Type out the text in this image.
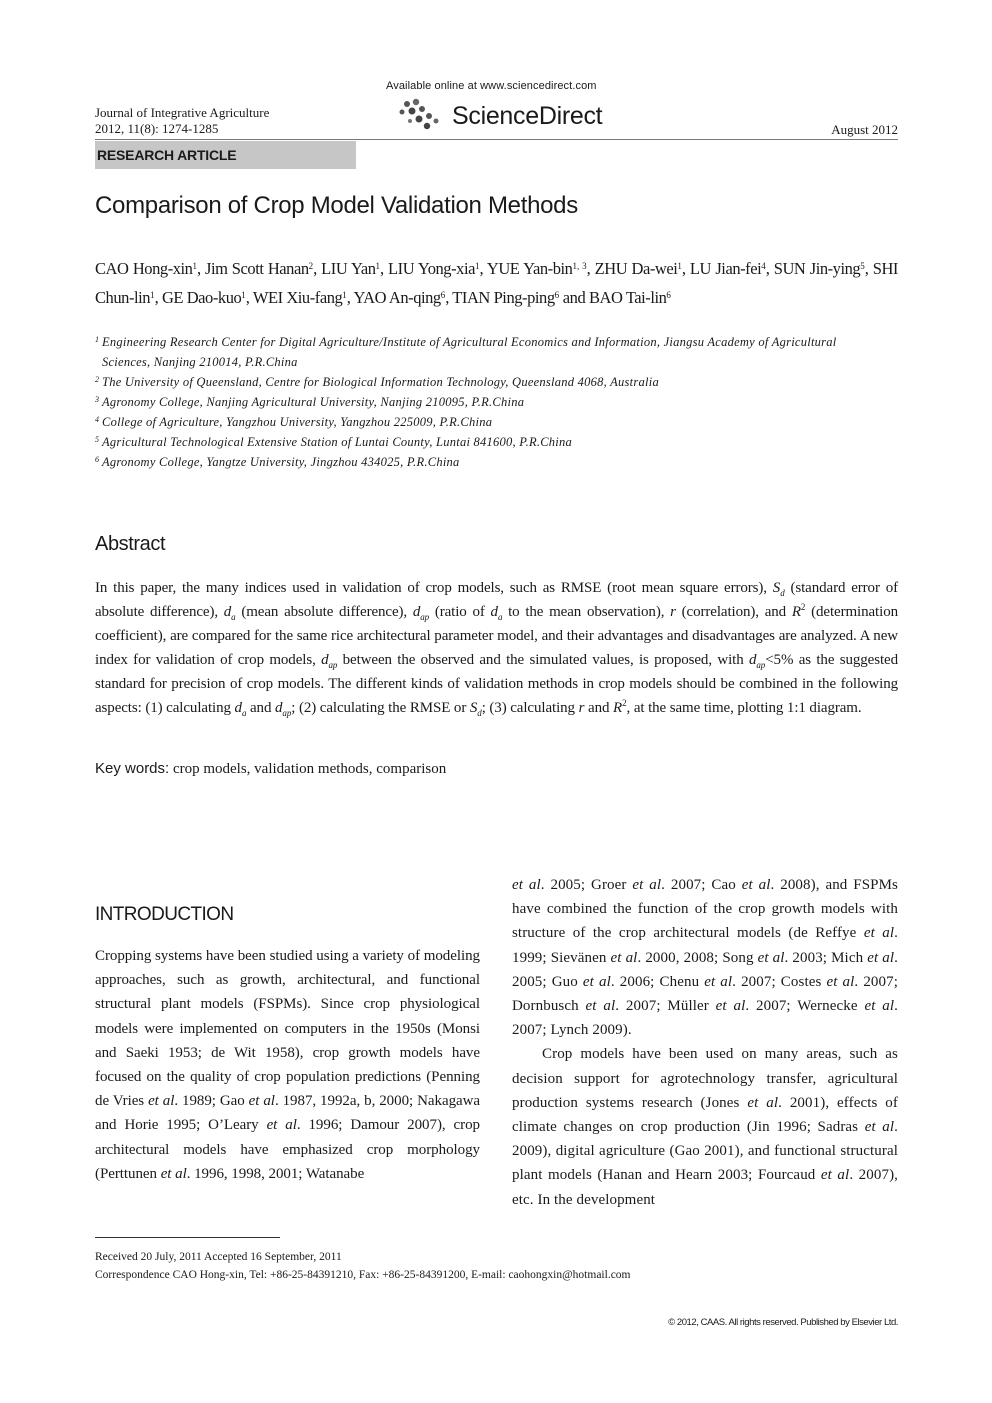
Journal of Integrative Agriculture
2012, 11(8): 1274-1285
Available online at www.sciencedirect.com
ScienceDirect	August 2012
RESEARCH ARTICLE
Comparison of Crop Model Validation Methods
CAO Hong-xin$^1$, Jim Scott Hanan$^2$, LIU Yan$^1$, LIU Yong-xia$^1$, YUE Yan-bin$^{1, 3}$, ZHU Da-wei$^1$, LU Jian-fei$^4$, SUN Jin-ying$^5$, SHI Chun-lin$^1$, GE Dao-kuo$^1$, WEI Xiu-fang$^1$, YAO An-qing$^6$, TIAN Ping-ping$^6$ and BAO Tai-lin$^6$
1 Engineering Research Center for Digital Agriculture/Institute of Agricultural Economics and Information, Jiangsu Academy of Agricultural
Sciences, Nanjing 210014, P.R.China
2 The University of Queensland, Centre for Biological Information Technology, Queensland 4068, Australia
3 Agronomy College, Nanjing Agricultural University, Nanjing 210095, P.R.China
4 College of Agriculture, Yangzhou University, Yangzhou 225009, P.R.China
5 Agricultural Technological Extensive Station of Luntai County, Luntai 841600, P.R.China
6 Agronomy College, Yangtze University, Jingzhou 434025, P.R.China
Abstract
In this paper, the many indices used in validation of crop models, such as RMSE (root mean square errors), $S_d$ (standard error of absolute difference), $d_a$ (mean absolute difference), $d_{ap}$ (ratio of $d_a$ to the mean observation), r (correlation), and $R^2$ (determination coefficient), are compared for the same rice architectural parameter model, and their advantages and disadvantages are analyzed. A new index for validation of crop models, $d_{ap}$ between the observed and the simulated values, is proposed, with $d_{ap}<5\%$ as the suggested standard for precision of crop models. The different kinds of validation methods in crop models should be combined in the following aspects: (1) calculating $d_a$ and $d_{ap}$; (2) calculating the RMSE or $S_d$; (3) calculating r and $R^2$, at the same time, plotting 1:1 diagram.
Key words: crop models, validation methods, comparison
INTRODUCTION

Cropping systems have been studied using a variety of modeling approaches, such as growth, architectural, and functional structural plant models (FSPMs). Since crop physiological models were implemented on computers in the 1950s (Monsi and Saeki 1953; de Wit 1958), crop growth models have focused on the quality of crop population predictions (Penning de Vries et al. 1989; Gao et al. 1987, 1992a, b, 2000; Nakagawa and Horie 1995; O’Leary et al. 1996; Damour 2007), crop architectural models have emphasized crop morphology (Perttunen et al. 1996, 1998, 2001; Watanabe

et al. 2005; Groer et al. 2007; Cao et al. 2008), and FSPMs have combined the function of the crop growth models with structure of the crop architectural models (de Reffye et al. 1999; Sievänen et al. 2000, 2008; Song et al. 2003; Mich et al. 2005; Guo et al. 2006; Chenu et al. 2007; Costes et al. 2007; Dornbusch et al. 2007; Müller et al. 2007; Wernecke et al. 2007; Lynch 2009).

Crop models have been used on many areas, such as decision support for agrotechnology transfer, agricultural production systems research (Jones et al. 2001), effects of climate changes on crop production (Jin 1996; Sadras et al. 2009), digital agriculture (Gao 2001), and functional structural plant models (Hanan and Hearn 2003; Fourcaud et al. 2007), etc. In the development

Received 20 July, 2011 Accepted 16 September, 2011
Correspondence CAO Hong-xin, Tel: +86-25-84391210, Fax: +86-25-84391200, E-mail: caohongxin@hotmail.com
© 2012, CAAS. All rights reserved. Published by Elsevier Ltd.
